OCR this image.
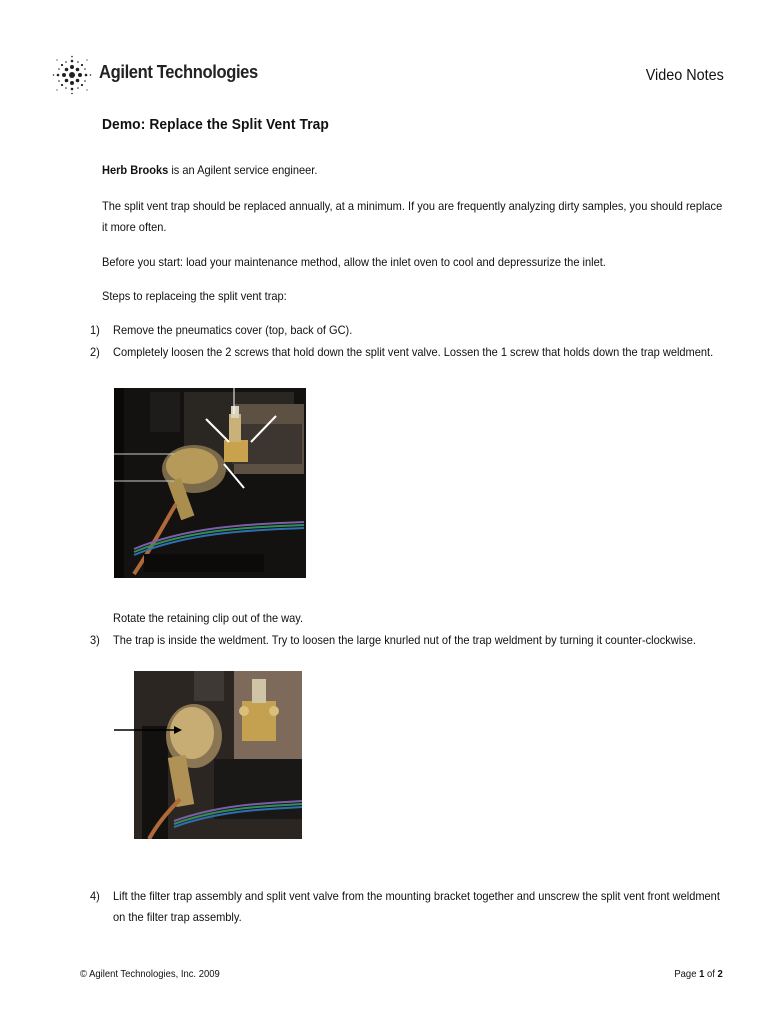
Agilent Technologies	Video Notes
Demo: Replace the Split Vent Trap
Herb Brooks is an Agilent service engineer.
The split vent trap should be replaced annually, at a minimum. If you are frequently analyzing dirty samples, you should replace it more often.
Before you start: load your maintenance method, allow the inlet oven to cool and depressurize the inlet.
Steps to replaceing the split vent trap:
1)	Remove the pneumatics cover (top, back of GC).
2)	Completely loosen the 2 screws that hold down the split vent valve. Lossen the 1 screw that holds down the trap weldment.
Rotate the retaining clip out of the way.
3)	The trap is inside the weldment. Try to loosen the large knurled nut of the trap weldment by turning it counter-clockwise.
4)	Lift the filter trap assembly and split vent valve from the mounting bracket together and unscrew the split vent front weldment on the filter trap assembly.
© Agilent Technologies, Inc. 2009	Page 1 of 2
